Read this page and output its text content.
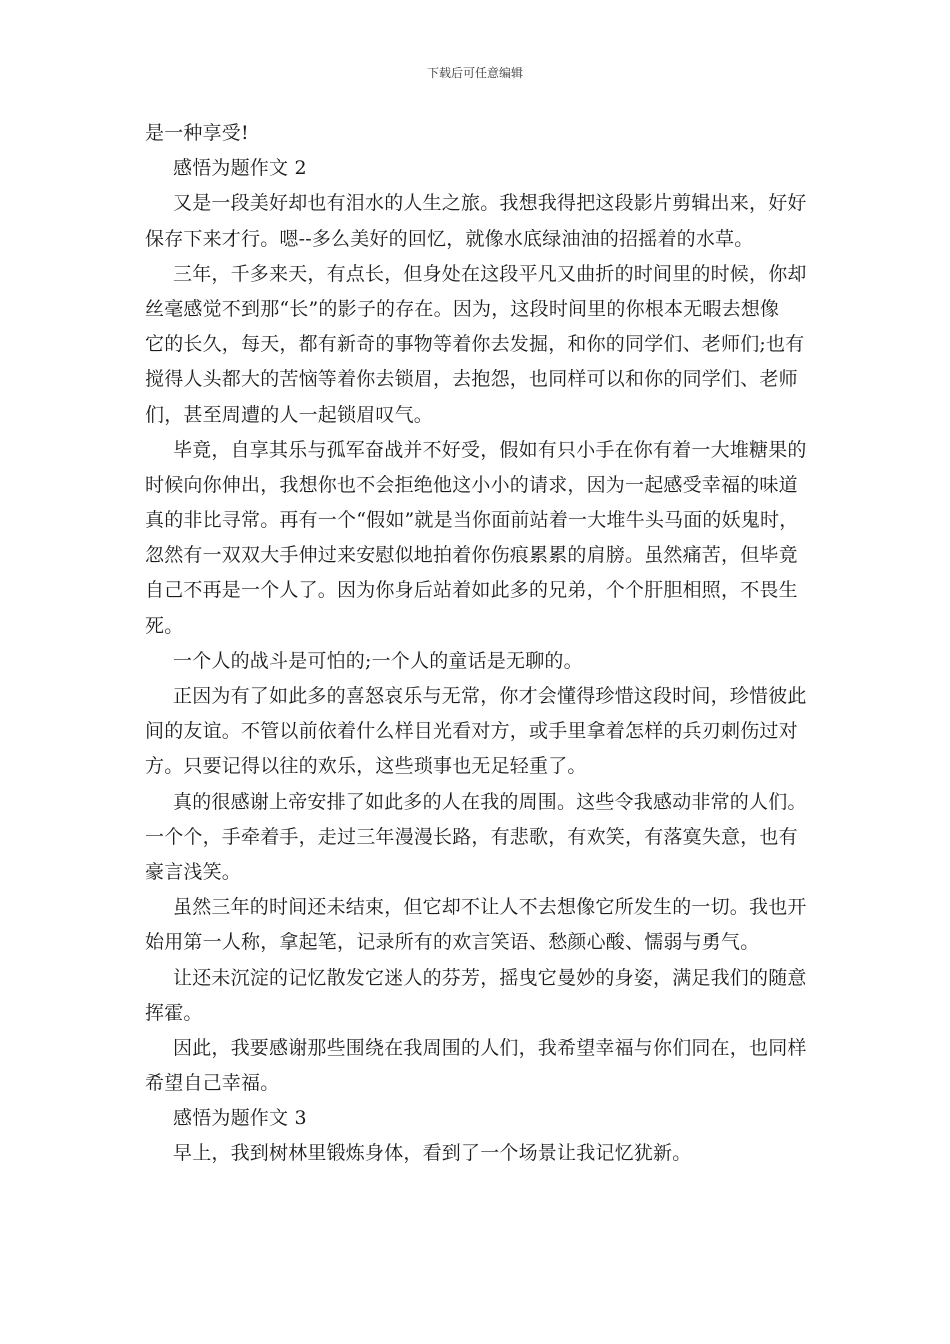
下载后可任意编辑
是一种享受!
感悟为题作文 2
又是一段美好却也有泪水的人生之旅。我想我得把这段影片剪辑出来，好好
保存下来才行。嗯--多么美好的回忆，就像水底绿油油的招摇着的水草。
三年，千多来天，有点长，但身处在这段平凡又曲折的时间里的时候，你却
丝毫感觉不到那“长”的影子的存在。因为，这段时间里的你根本无暇去想像
它的长久，每天，都有新奇的事物等着你去发掘，和你的同学们、老师们;也有
搅得人头都大的苦恼等着你去锁眉，去抱怨，也同样可以和你的同学们、老师
们，甚至周遭的人一起锁眉叹气。
毕竟，自享其乐与孤军奋战并不好受，假如有只小手在你有着一大堆糖果的
时候向你伸出，我想你也不会拒绝他这小小的请求，因为一起感受幸福的味道
真的非比寻常。再有一个“假如”就是当你面前站着一大堆牛头马面的妖鬼时，
忽然有一双双大手伸过来安慰似地拍着你伤痕累累的肩膀。虽然痛苦，但毕竟
自己不再是一个人了。因为你身后站着如此多的兄弟，个个肝胆相照，不畏生
死。
一个人的战斗是可怕的;一个人的童话是无聊的。
正因为有了如此多的喜怒哀乐与无常，你才会懂得珍惜这段时间，珍惜彼此
间的友谊。不管以前依着什么样目光看对方，或手里拿着怎样的兵刃刺伤过对
方。只要记得以往的欢乐，这些琐事也无足轻重了。
真的很感谢上帝安排了如此多的人在我的周围。这些令我感动非常的人们。
一个个，手牵着手，走过三年漫漫长路，有悲歌，有欢笑，有落寞失意，也有
豪言浅笑。
虽然三年的时间还未结束，但它却不让人不去想像它所发生的一切。我也开
始用第一人称，拿起笔，记录所有的欢言笑语、愁颜心酸、懦弱与勇气。
让还未沉淀的记忆散发它迷人的芬芳，摇曳它曼妙的身姿，满足我们的随意
挥霍。
因此，我要感谢那些围绕在我周围的人们，我希望幸福与你们同在，也同样
希望自己幸福。
感悟为题作文 3
早上，我到树林里锻炼身体，看到了一个场景让我记忆犹新。
